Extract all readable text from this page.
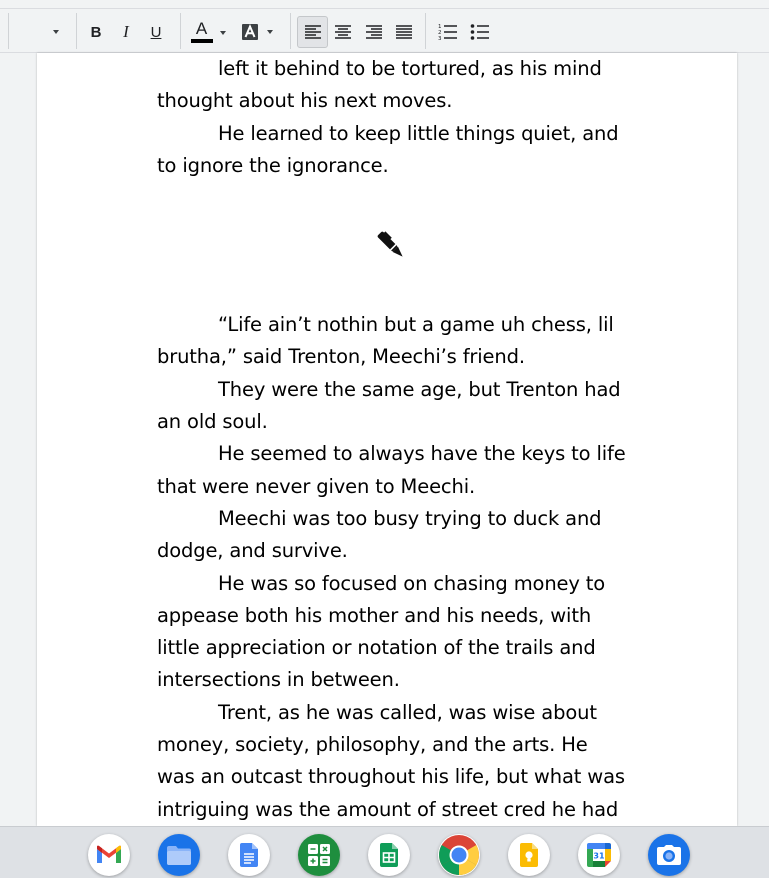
B	I	U	A	1
2
3

left it behind to be tortured, as his mind

thought about his next moves.

He learned to keep little things quiet, and to ignore the ignorance.

“Life ain’t nothin but a game uh chess, lil brutha,” said Trenton, Meechi’s friend.

They were the same age, but Trenton had an old soul.

He seemed to always have the keys to life that were never given to Meechi.

Meechi was too busy trying to duck and dodge, and survive.

He was so focused on chasing money to appease both his mother and his needs, with little appreciation or notation of the trails and intersections in between.

Trent, as he was called, was wise about money, society, philosophy, and the arts. He was an outcast throughout his life, but what was intriguing was the amount of street cred he had

31
